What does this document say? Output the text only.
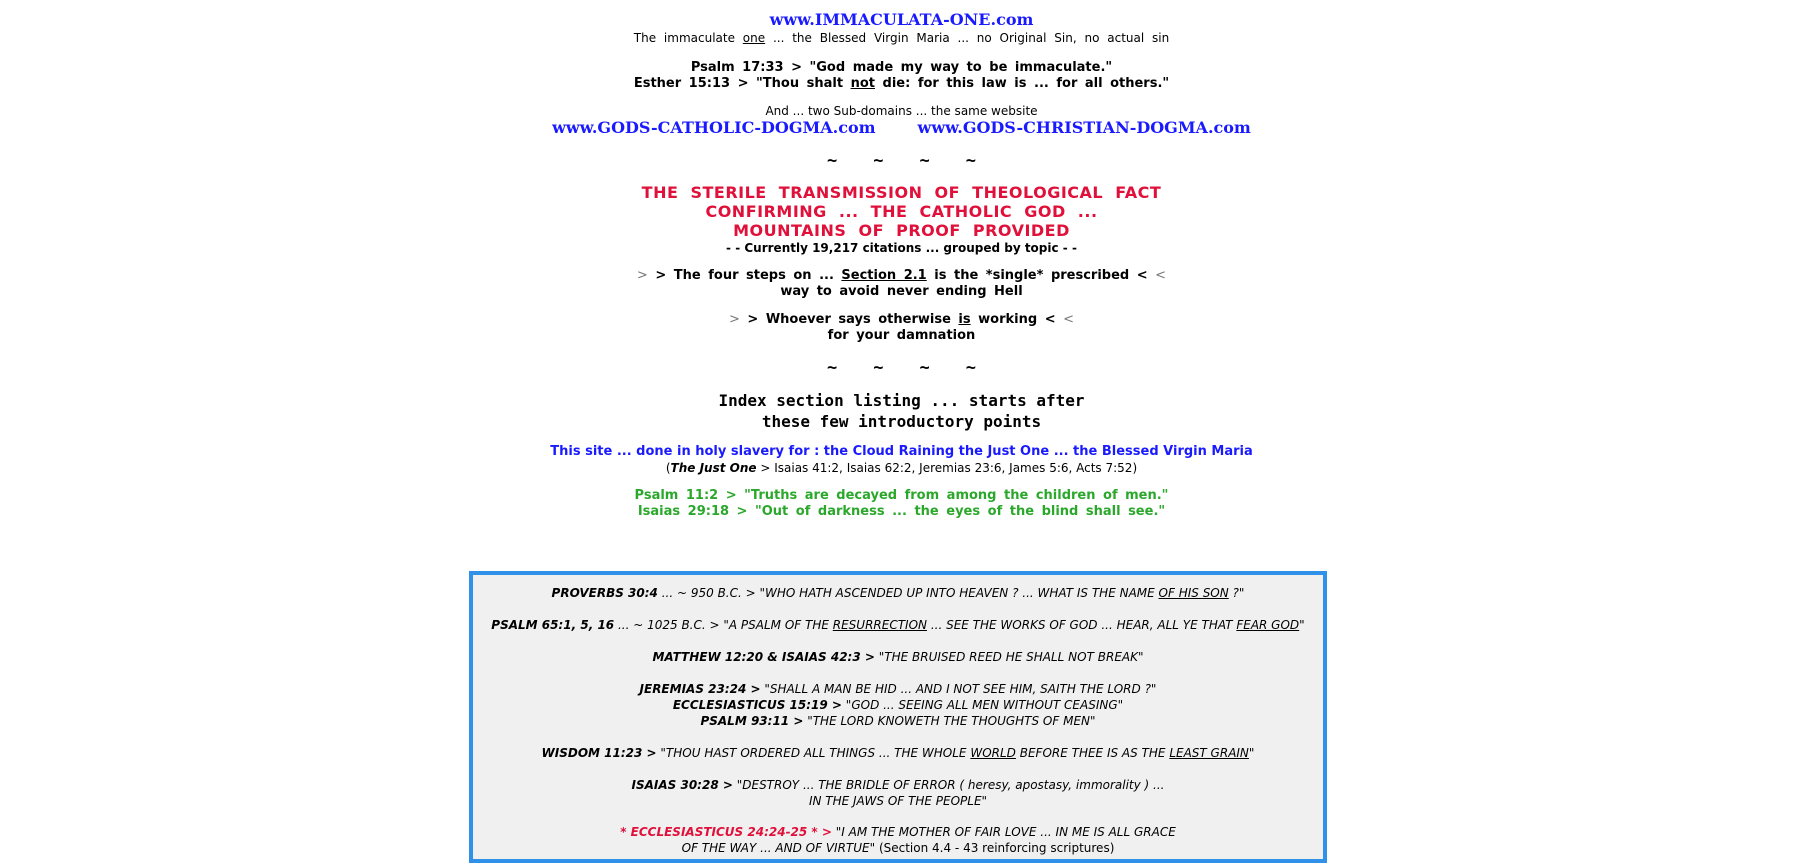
www.IMMACULATA-ONE.com
The immaculate one ... the Blessed Virgin Maria ... no Original Sin, no actual sin
Psalm 17:33 > "God made my way to be immaculate."
Esther 15:13 > "Thou shalt not die: for this law is ... for all others."
And ... two Sub-domains ... the same website
www.GODS-CATHOLIC-DOGMA.com	www.GODS-CHRISTIAN-DOGMA.com
~ ~ ~ ~
THE STERILE TRANSMISSION OF THEOLOGICAL FACT
CONFIRMING ... THE CATHOLIC GOD ...
MOUNTAINS OF PROOF PROVIDED
- - Currently 19,217 citations ... grouped by topic - -
> > The four steps on ... Section 2.1 is the *single* prescribed < <
way to avoid never ending Hell
> > Whoever says otherwise is working < <
for your damnation
~ ~ ~ ~
Index section listing ... starts after
these few introductory points
This site ... done in holy slavery for : the Cloud Raining the Just One ... the Blessed Virgin Maria
(The Just One > Isaias 41:2, Isaias 62:2, Jeremias 23:6, James 5:6, Acts 7:52)
Psalm 11:2 > "Truths are decayed from among the children of men."
Isaias 29:18 > "Out of darkness ... the eyes of the blind shall see."
PROVERBS 30:4 ... ~ 950 B.C. > "WHO HATH ASCENDED UP INTO HEAVEN ? ... WHAT IS THE NAME OF HIS SON ?"
PSALM 65:1, 5, 16 ... ~ 1025 B.C. > "A PSALM OF THE RESURRECTION ... SEE THE WORKS OF GOD ... HEAR, ALL YE THAT FEAR GOD"
MATTHEW 12:20 & ISAIAS 42:3 > "THE BRUISED REED HE SHALL NOT BREAK"
JEREMIAS 23:24 > "SHALL A MAN BE HID ... AND I NOT SEE HIM, SAITH THE LORD ?"
ECCLESIASTICUS 15:19 > "GOD ... SEEING ALL MEN WITHOUT CEASING"
PSALM 93:11 > "THE LORD KNOWETH THE THOUGHTS OF MEN"
WISDOM 11:23 > "THOU HAST ORDERED ALL THINGS ... THE WHOLE WORLD BEFORE THEE IS AS THE LEAST GRAIN"
ISAIAS 30:28 > "DESTROY ... THE BRIDLE OF ERROR ( heresy, apostasy, immorality ) ...
IN THE JAWS OF THE PEOPLE"
* ECCLESIASTICUS 24:24-25 * > "I AM THE MOTHER OF FAIR LOVE ... IN ME IS ALL GRACE
OF THE WAY ... AND OF VIRTUE" (Section 4.4 - 43 reinforcing scriptures)
